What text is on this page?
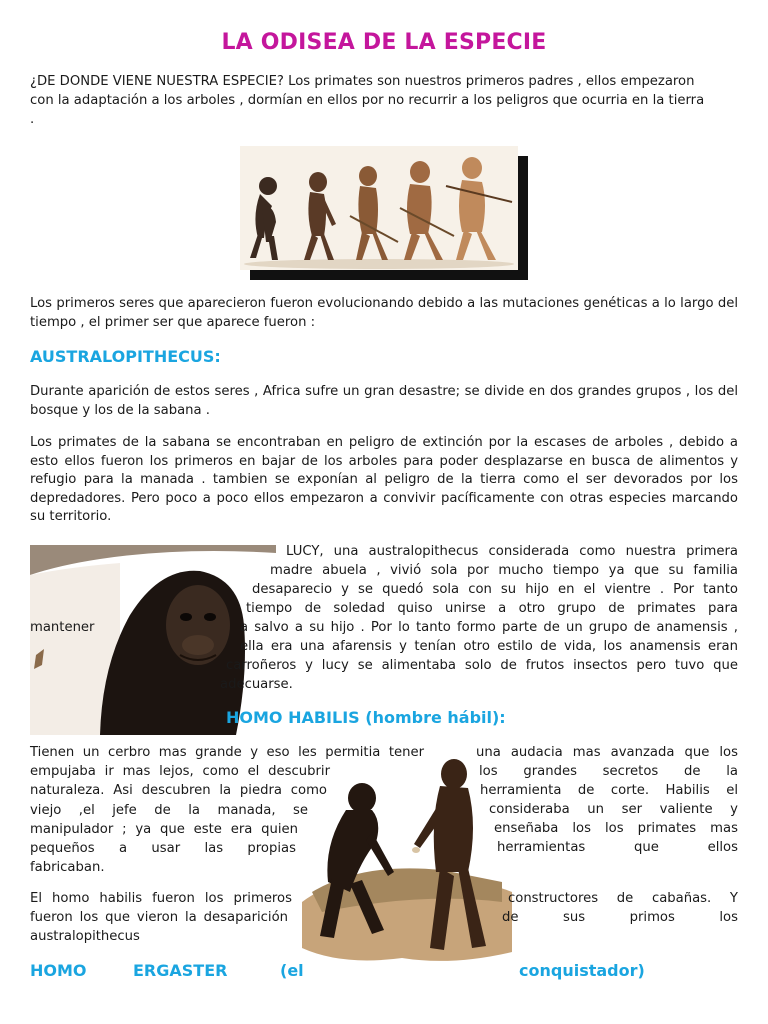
LA ODISEA DE LA ESPECIE

¿DE DONDE VIENE NUESTRA ESPECIE? Los primates son nuestros primeros padres , ellos empezaron

con la adaptación a los arboles , dormían en ellos por no recurrir a los peligros que ocurria en la tierra

.

Los primeros seres que aparecieron fueron evolucionando debido a las mutaciones genéticas a lo largo del tiempo , el primer ser que aparece fueron :

AUSTRALOPITHECUS:

Durante aparición de estos seres , Africa sufre un gran desastre; se divide en dos grandes grupos , los del bosque y los de la sabana .

Los primates de la sabana se encontraban en peligro de extinción por la escases de arboles , debido a esto ellos fueron los primeros en bajar de los arboles para poder desplazarse en busca de alimentos y refugio para la manada . tambien se exponían al peligro de la tierra como el ser devorados por los depredadores. Pero poco a poco ellos empezaron a convivir pacíficamente con otras especies marcando su territorio.

LUCY, una australopithecus considerada como nuestra primera

madre abuela , vivió sola por mucho tiempo ya que su familia

desaparecio y se quedó sola con su hijo en el vientre . Por tanto

tiempo de soledad quiso unirse a otro grupo de primates para

mantener	a salvo a su hijo . Por lo tanto formo parte de un grupo de anamensis ,

ella era una afarensis y tenían otro estilo de vida, los anamensis eran

carroñeros y lucy se alimentaba solo de frutos insectos pero tuvo que

adecuarse.

HOMO HABILIS (hombre hábil):

Tienen un cerbro mas grande y eso les permitia tener

empujaba ir mas lejos, como el descubrir

naturaleza. Asi descubren la piedra como

viejo ,el jefe de la manada, se

manipulador ; ya que este era quien

pequeños a usar las propias

fabricaban.

una audacia mas avanzada que los

los grandes secretos de la

herramienta de corte. Habilis el

consideraba un ser valiente y

enseñaba los los primates mas

herramientas que ellos

El homo habilis fueron los primeros

fueron los que vieron la desaparición

australopithecus

constructores de cabañas. Y

de sus primos los

HOMO	ERGASTER	(el	conquistador)
